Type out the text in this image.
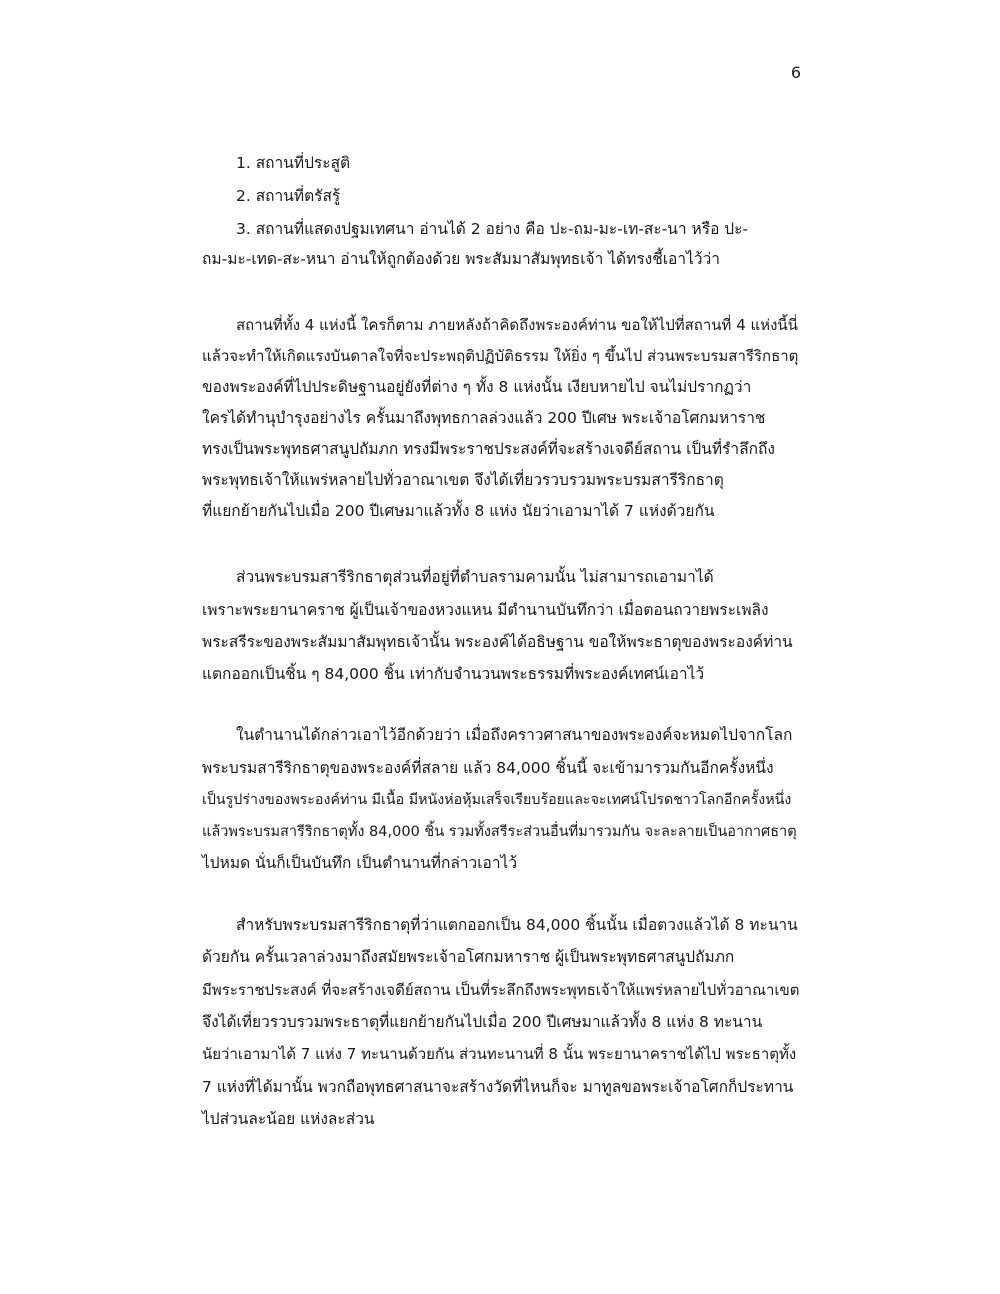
6
1. สถานที่ประสูติ
2. สถานที่ตรัสรู้
3. สถานที่แสดงปฐมเทศนา อ่านได้ 2 อย่าง คือ ปะ-ถม-มะ-เท-สะ-นา หรือ ปะ-
ถม-มะ-เทด-สะ-หนา อ่านให้ถูกต้องด้วย พระสัมมาสัมพุทธเจ้า ได้ทรงชี้เอาไว้ว่า
สถานที่ทั้ง 4 แห่งนี้ ใครก็ตาม ภายหลังถ้าคิดถึงพระองค์ท่าน ขอให้ไปที่สถานที่ 4 แห่งนี้นี่
แล้วจะทำให้เกิดแรงบันดาลใจที่จะประพฤติปฏิบัติธรรม ให้ยิ่ง ๆ ขึ้นไป ส่วนพระบรมสารีริกธาตุ
ของพระองค์ที่ไปประดิษฐานอยู่ยังที่ต่าง ๆ ทั้ง 8 แห่งนั้น เงียบหายไป จนไม่ปรากฏว่า
ใครได้ทำนุบำรุงอย่างไร ครั้นมาถึงพุทธกาลล่วงแล้ว 200 ปีเศษ พระเจ้าอโศกมหาราช
ทรงเป็นพระพุทธศาสนูปถัมภก ทรงมีพระราชประสงค์ที่จะสร้างเจดีย์สถาน เป็นที่รำลึกถึง
พระพุทธเจ้าให้แพร่หลายไปทั่วอาณาเขต จึงได้เที่ยวรวบรวมพระบรมสารีริกธาตุ
ที่แยกย้ายกันไปเมื่อ 200 ปีเศษมาแล้วทั้ง 8 แห่ง นัยว่าเอามาได้ 7 แห่งด้วยกัน
ส่วนพระบรมสารีริกธาตุส่วนที่อยู่ที่ตำบลรามคามนั้น ไม่สามารถเอามาได้
เพราะพระยานาคราช ผู้เป็นเจ้าของหวงแหน มีตำนานบันทึกว่า เมื่อตอนถวายพระเพลิง
พระสรีระของพระสัมมาสัมพุทธเจ้านั้น พระองค์ได้อธิษฐาน ขอให้พระธาตุของพระองค์ท่าน
แตกออกเป็นชิ้น ๆ 84,000 ชิ้น เท่ากับจำนวนพระธรรมที่พระองค์เทศน์เอาไว้
ในตำนานได้กล่าวเอาไว้อีกด้วยว่า เมื่อถึงคราวศาสนาของพระองค์จะหมดไปจากโลก
พระบรมสารีริกธาตุของพระองค์ที่สลาย แล้ว 84,000 ชิ้นนี้ จะเข้ามารวมกันอีกครั้งหนึ่ง
เป็นรูปร่างของพระองค์ท่าน มีเนื้อ มีหนังห่อหุ้มเสร็จเรียบร้อยและจะเทศน์โปรดชาวโลกอีกครั้งหนึ่ง
แล้วพระบรมสารีริกธาตุทั้ง 84,000 ชิ้น รวมทั้งสรีระส่วนอื่นที่มารวมกัน จะละลายเป็นอากาศธาตุ
ไปหมด นั่นก็เป็นบันทึก เป็นตำนานที่กล่าวเอาไว้
สำหรับพระบรมสารีริกธาตุที่ว่าแตกออกเป็น 84,000 ชิ้นนั้น เมื่อตวงแล้วได้ 8 ทะนาน
ด้วยกัน ครั้นเวลาล่วงมาถึงสมัยพระเจ้าอโศกมหาราช ผู้เป็นพระพุทธศาสนูปถัมภก
มีพระราชประสงค์ ที่จะสร้างเจดีย์สถาน เป็นที่ระลึกถึงพระพุทธเจ้าให้แพร่หลายไปทั่วอาณาเขต
จึงได้เที่ยวรวบรวมพระธาตุที่แยกย้ายกันไปเมื่อ 200 ปีเศษมาแล้วทั้ง 8 แห่ง 8 ทะนาน
นัยว่าเอามาได้ 7 แห่ง 7 ทะนานด้วยกัน ส่วนทะนานที่ 8 นั้น พระยานาคราชได้ไป พระธาตุทั้ง
7 แห่งที่ได้มานั้น พวกถือพุทธศาสนาจะสร้างวัดที่ไหนก็จะ มาทูลขอพระเจ้าอโศกก็ประทาน
ไปส่วนละน้อย แห่งละส่วน
